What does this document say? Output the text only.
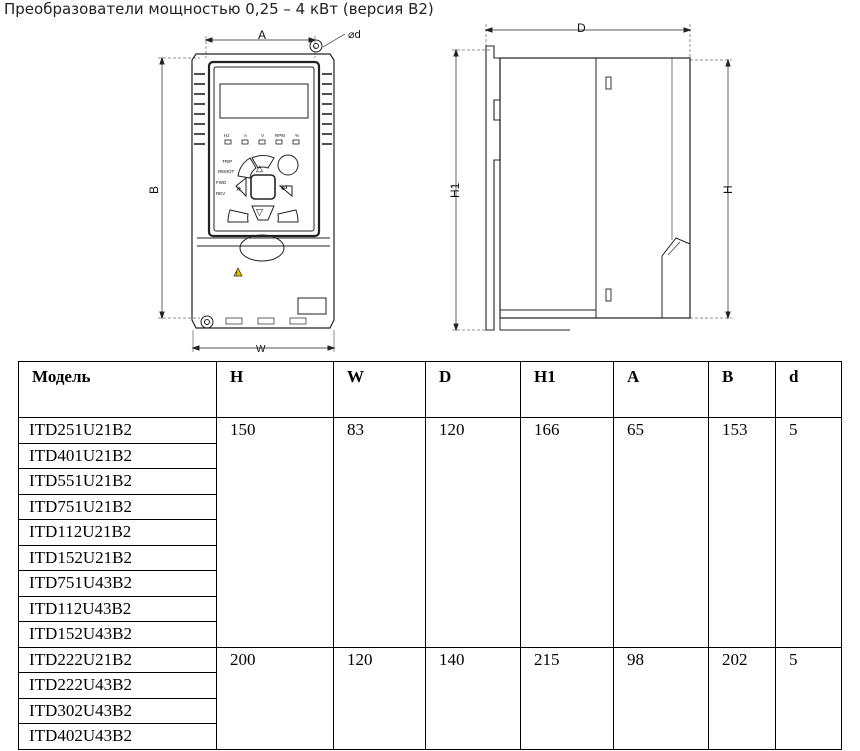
Преобразователи мощностью 0,25 – 4 кВт (версия B2)
A	⌀d
B
W
D
H1	H
Hz	A	V RPM %
TRIP
REMOT
FWD
REV
△
▽
»	↵
!
Модель	H	W	D	H1	A	B	d
ITD251U21B2	150	83	120	166	65	153	5
ITD401U21B2							
ITD551U21B2							
ITD751U21B2							
ITD112U21B2							
ITD152U21B2							
ITD751U43B2							
ITD112U43B2							
ITD152U43B2							
ITD222U21B2	200	120	140	215	98	202	5
ITD222U43B2							
ITD302U43B2							
ITD402U43B2							
